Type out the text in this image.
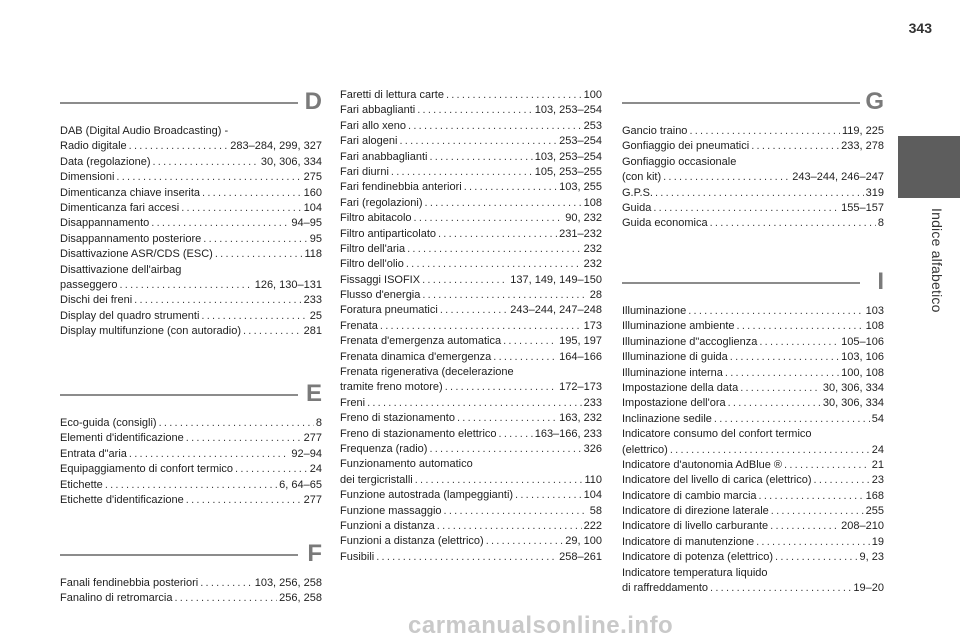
343
Indice alfabetico
D
DAB (Digital Audio Broadcasting) -
Radio digitale . . .	283–284, 299, 327
Data (regolazione) . . .	30, 306, 334
Dimensioni . . .	275
Dimenticanza chiave inserita . . .	160
Dimenticanza fari accesi . . .	104
Disappannamento . . .	94–95
Disappannamento posteriore . . .	95
Disattivazione ASR/CDS (ESC) . . .	118
Disattivazione dell'airbag
passeggero . . .	126, 130–131
Dischi dei freni . . .	233
Display del quadro strumenti . . .	25
Display multifunzione (con autoradio) . . .	281
E
Eco-guida (consigli) . . .	8
Elementi d'identificazione . . .	277
Entrata d"aria . . .	92–94
Equipaggiamento di confort termico . . .	24
Etichette . . .	6, 64–65
Etichette d'identificazione . . .	277
F
Fanali fendinebbia posteriori . . .	103, 256, 258
Fanalino di retromarcia . . .	256, 258
Faretti di lettura carte . . .	100
Fari abbaglianti . . .	103, 253–254
Fari allo xeno . . .	253
Fari alogeni . . .	253–254
Fari anabbaglianti . . .	103, 253–254
Fari diurni . . .	105, 253–255
Fari fendinebbia anteriori . . .	103, 255
Fari (regolazioni) . . .	108
Filtro abitacolo . . .	90, 232
Filtro antiparticolato . . .	231–232
Filtro dell'aria . . .	232
Filtro dell'olio . . .	232
Fissaggi ISOFIX . . .	137, 149, 149–150
Flusso d'energia . . .	28
Foratura pneumatici . . .	243–244, 247–248
Frenata . . .	173
Frenata d'emergenza automatica . . .	195, 197
Frenata dinamica d'emergenza . . .	164–166
Frenata rigenerativa (decelerazione
tramite freno motore) . . .	172–173
Freni . . .	233
Freno di stazionamento . . .	163, 232
Freno di stazionamento elettrico . . .	163–166, 233
Frequenza (radio) . . .	326
Funzionamento automatico
dei tergicristalli . . .	110
Funzione autostrada (lampeggianti) . . .	104
Funzione massaggio . . .	58
Funzioni a distanza . . .	222
Funzioni a distanza (elettrico) . . .	29, 100
Fusibili . . .	258–261
G
Gancio traino . . .	119, 225
Gonfiaggio dei pneumatici . . .	233, 278
Gonfiaggio occasionale
(con kit) . . .	243–244, 246–247
G.P.S. . . .	319
Guida . . .	155–157
Guida economica . . .	8
I
Illuminazione . . .	103
Illuminazione ambiente . . .	108
Illuminazione d"accoglienza . . .	105–106
Illuminazione di guida . . .	103, 106
Illuminazione interna . . .	100, 108
Impostazione della data . . .	30, 306, 334
Impostazione dell'ora . . .	30, 306, 334
Inclinazione sedile . . .	54
Indicatore consumo del confort termico
(elettrico) . . .	24
Indicatore d'autonomia AdBlue ® . . .	21
Indicatore del livello di carica (elettrico) . . .	23
Indicatore di cambio marcia . . .	168
Indicatore di direzione laterale . . .	255
Indicatore di livello carburante . . .	208–210
Indicatore di manutenzione . . .	19
Indicatore di potenza (elettrico) . . .	9, 23
Indicatore temperatura liquido
di raffreddamento . . .	19–20
carmanualsonline.info
